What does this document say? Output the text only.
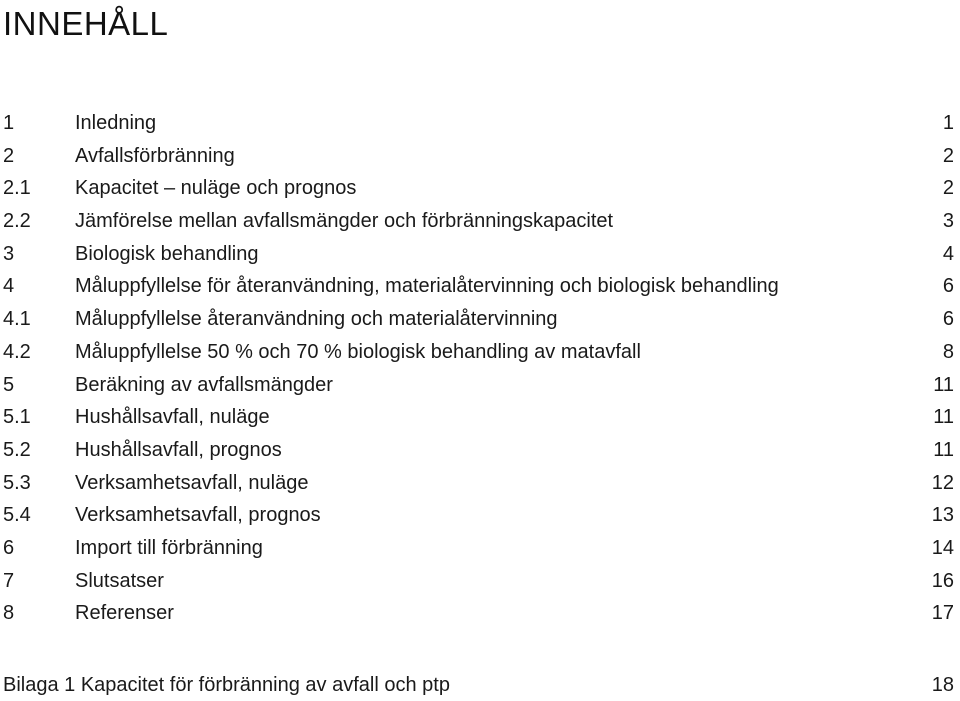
INNEHÅLL
1	Inledning	1
2	Avfallsförbränning	2
2.1 Kapacitet – nuläge och prognos	2
2.2 Jämförelse mellan avfallsmängder och förbränningskapacitet	3
3	Biologisk behandling	4
4	Måluppfyllelse för återanvändning, materialåtervinning och biologisk behandling	6
4.1 Måluppfyllelse återanvändning och materialåtervinning	6
4.2 Måluppfyllelse 50 % och 70 % biologisk behandling av matavfall	8
5	Beräkning av avfallsmängder	11
5.1 Hushållsavfall, nuläge	11
5.2 Hushållsavfall, prognos	11
5.3 Verksamhetsavfall, nuläge	12
5.4 Verksamhetsavfall, prognos	13
6	Import till förbränning	14
7	Slutsatser	16
8	Referenser	17
Bilaga 1 Kapacitet för förbränning av avfall och ptp	18
